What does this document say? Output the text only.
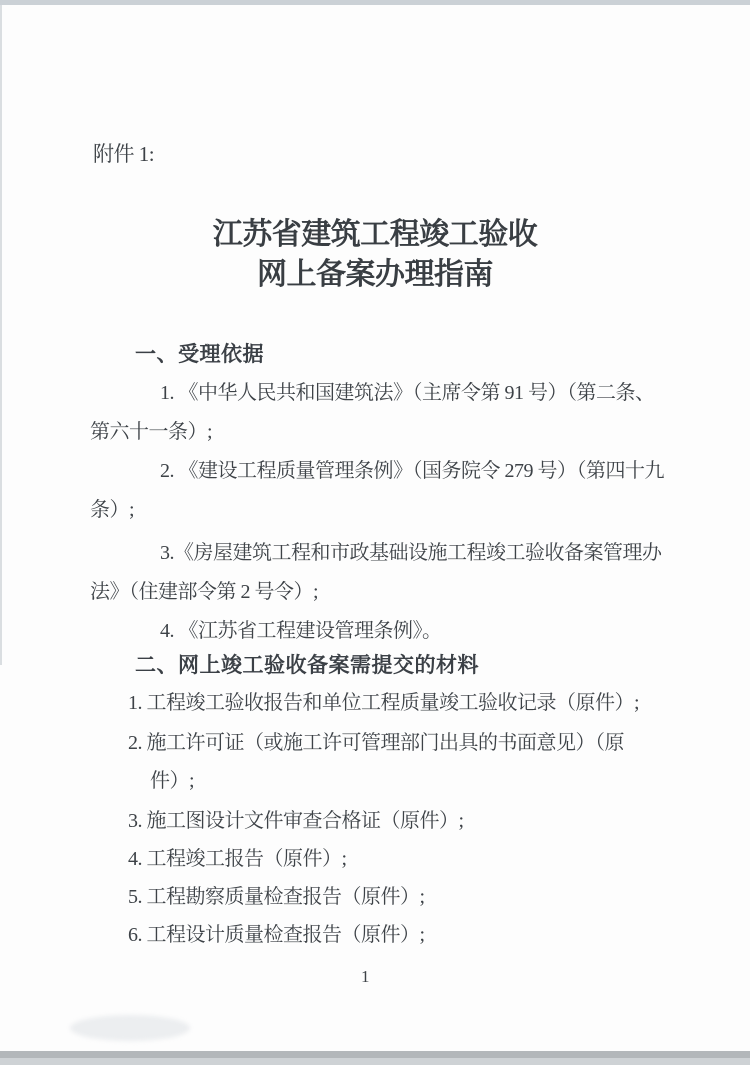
附件 1:
江苏省建筑工程竣工验收
网上备案办理指南
一、受理依据
1. 《中华人民共和国建筑法》（主席令第 91 号）（第二条、
第六十一条）;
2. 《建设工程质量管理条例》（国务院令 279 号）（第四十九
条）;
3.《房屋建筑工程和市政基础设施工程竣工验收备案管理办
法》（住建部令第 2 号令）;
4. 《江苏省工程建设管理条例》。
二、网上竣工验收备案需提交的材料
1. 工程竣工验收报告和单位工程质量竣工验收记录（原件）;
2. 施工许可证（或施工许可管理部门出具的书面意见）（原
件）;
3. 施工图设计文件审查合格证（原件）;
4. 工程竣工报告（原件）;
5. 工程勘察质量检查报告（原件）;
6. 工程设计质量检查报告（原件）;
1
